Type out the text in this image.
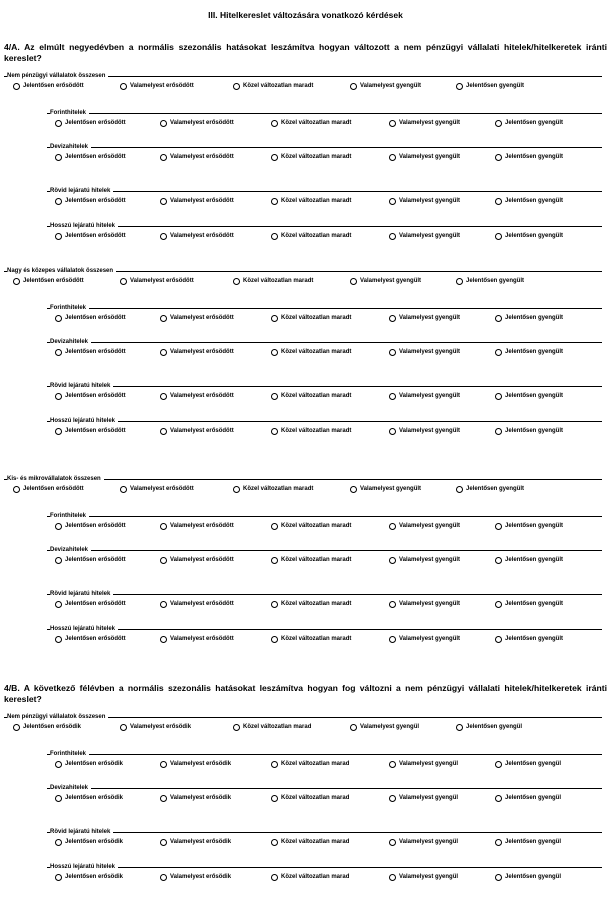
III. Hitelkereslet változására vonatkozó kérdések
4/A. Az elmúlt negyedévben a normális szezonális hatásokat leszámítva hogyan változott a nem pénzügyi vállalati hitelek/hitelkeretek iránti kereslet?
Nem pénzügyi vállalatok összesen
Jelentősen erősödött	Valamelyest erősödött	Közel változatlan maradt	Valamelyest gyengült	Jelentősen gyengült
Forinthitelek
Jelentősen erősödött	Valamelyest erősödött	Közel változatlan maradt	Valamelyest gyengült	Jelentősen gyengült
Devizahitelek
Jelentősen erősödött	Valamelyest erősödött	Közel változatlan maradt	Valamelyest gyengült	Jelentősen gyengült
Rövid lejáratú hitelek
Jelentősen erősödött	Valamelyest erősödött	Közel változatlan maradt	Valamelyest gyengült	Jelentősen gyengült
Hosszú lejáratú hitelek
Jelentősen erősödött	Valamelyest erősödött	Közel változatlan maradt	Valamelyest gyengült	Jelentősen gyengült
Nagy és közepes vállalatok összesen
Jelentősen erősödött	Valamelyest erősödött	Közel változatlan maradt	Valamelyest gyengült	Jelentősen gyengült
Forinthitelek
Jelentősen erősödött	Valamelyest erősödött	Közel változatlan maradt	Valamelyest gyengült	Jelentősen gyengült
Devizahitelek
Jelentősen erősödött	Valamelyest erősödött	Közel változatlan maradt	Valamelyest gyengült	Jelentősen gyengült
Rövid lejáratú hitelek
Jelentősen erősödött	Valamelyest erősödött	Közel változatlan maradt	Valamelyest gyengült	Jelentősen gyengült
Hosszú lejáratú hitelek
Jelentősen erősödött	Valamelyest erősödött	Közel változatlan maradt	Valamelyest gyengült	Jelentősen gyengült
Kis- és mikrovállalatok összesen
Jelentősen erősödött	Valamelyest erősödött	Közel változatlan maradt	Valamelyest gyengült	Jelentősen gyengült
Forinthitelek
Jelentősen erősödött	Valamelyest erősödött	Közel változatlan maradt	Valamelyest gyengült	Jelentősen gyengült
Devizahitelek
Jelentősen erősödött	Valamelyest erősödött	Közel változatlan maradt	Valamelyest gyengült	Jelentősen gyengült
Rövid lejáratú hitelek
Jelentősen erősödött	Valamelyest erősödött	Közel változatlan maradt	Valamelyest gyengült	Jelentősen gyengült
Hosszú lejáratú hitelek
Jelentősen erősödött	Valamelyest erősödött	Közel változatlan maradt	Valamelyest gyengült	Jelentősen gyengült
4/B. A következő félévben a normális szezonális hatásokat leszámítva hogyan fog változni a nem pénzügyi vállalati hitelek/hitelkeretek iránti kereslet?
Nem pénzügyi vállalatok összesen
Jelentősen erősödik	Valamelyest erősödik	Közel változatlan marad	Valamelyest gyengül	Jelentősen gyengül
Forinthitelek
Jelentősen erősödik	Valamelyest erősödik	Közel változatlan marad	Valamelyest gyengül	Jelentősen gyengül
Devizahitelek
Jelentősen erősödik	Valamelyest erősödik	Közel változatlan marad	Valamelyest gyengül	Jelentősen gyengül
Rövid lejáratú hitelek
Jelentősen erősödik	Valamelyest erősödik	Közel változatlan marad	Valamelyest gyengül	Jelentősen gyengül
Hosszú lejáratú hitelek
Jelentősen erősödik	Valamelyest erősödik	Közel változatlan marad	Valamelyest gyengül	Jelentősen gyengül
